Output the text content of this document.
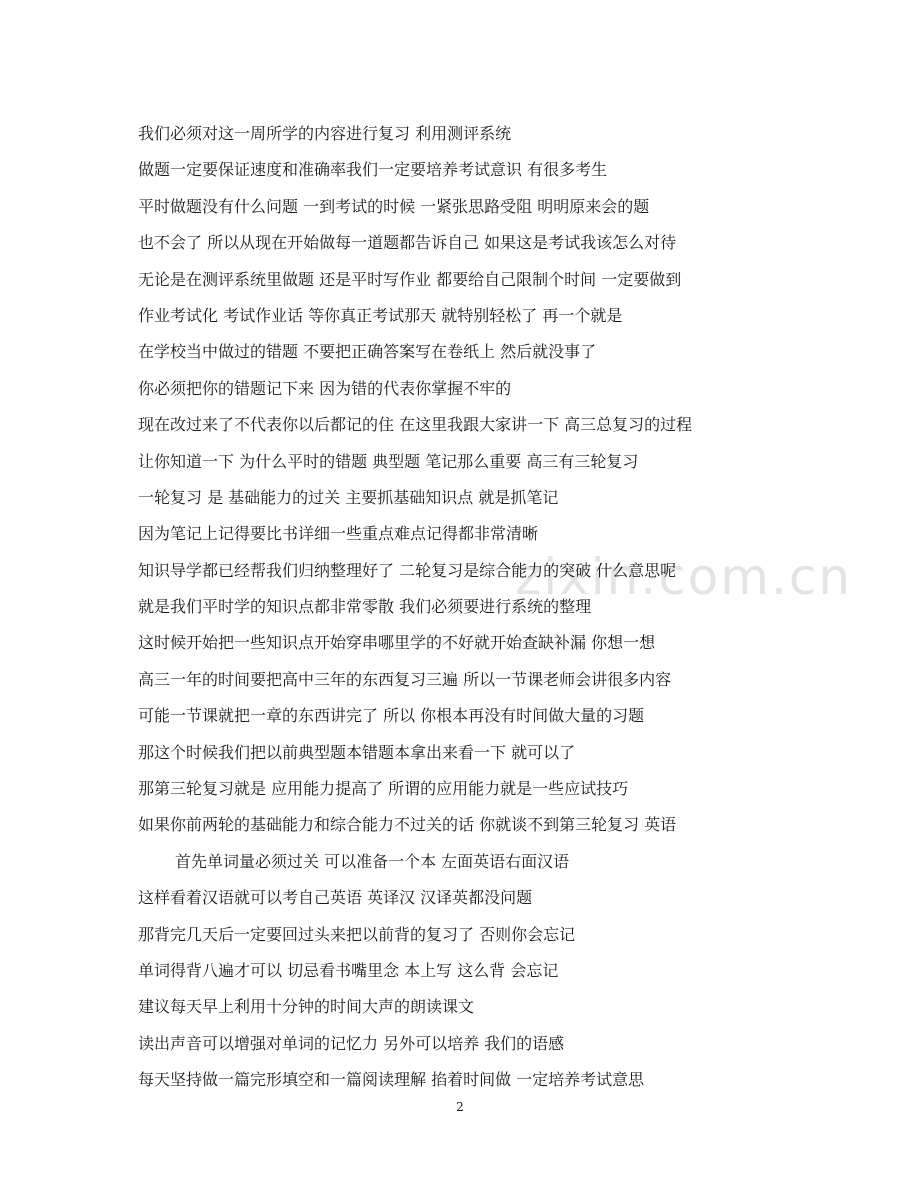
zixin.com.cn
我们必须对这一周所学的内容进行复习 利用测评系统
做题一定要保证速度和准确率我们一定要培养考试意识 有很多考生
平时做题没有什么问题 一到考试的时候 一紧张思路受阻 明明原来会的题
也不会了 所以从现在开始做每一道题都告诉自己 如果这是考试我该怎么对待
无论是在测评系统里做题 还是平时写作业 都要给自己限制个时间 一定要做到
作业考试化 考试作业话 等你真正考试那天 就特别轻松了 再一个就是
在学校当中做过的错题 不要把正确答案写在卷纸上 然后就没事了
你必须把你的错题记下来 因为错的代表你掌握不牢的
现在改过来了不代表你以后都记的住 在这里我跟大家讲一下 高三总复习的过程
让你知道一下 为什么平时的错题 典型题 笔记那么重要 高三有三轮复习
一轮复习 是 基础能力的过关 主要抓基础知识点 就是抓笔记
因为笔记上记得要比书详细一些重点难点记得都非常清晰
知识导学都已经帮我们归纳整理好了 二轮复习是综合能力的突破 什么意思呢
就是我们平时学的知识点都非常零散 我们必须要进行系统的整理
这时候开始把一些知识点开始穿串哪里学的不好就开始查缺补漏 你想一想
高三一年的时间要把高中三年的东西复习三遍 所以一节课老师会讲很多内容
可能一节课就把一章的东西讲完了 所以 你根本再没有时间做大量的习题
那这个时候我们把以前典型题本错题本拿出来看一下 就可以了
那第三轮复习就是 应用能力提高了 所谓的应用能力就是一些应试技巧
如果你前两轮的基础能力和综合能力不过关的话 你就谈不到第三轮复习 英语
首先单词量必须过关 可以准备一个本 左面英语右面汉语
这样看着汉语就可以考自己英语 英译汉 汉译英都没问题
那背完几天后一定要回过头来把以前背的复习了 否则你会忘记
单词得背八遍才可以 切忌看书嘴里念 本上写 这么背 会忘记
建议每天早上利用十分钟的时间大声的朗读课文
读出声音可以增强对单词的记忆力 另外可以培养 我们的语感
每天坚持做一篇完形填空和一篇阅读理解 掐着时间做 一定培养考试意思
2
